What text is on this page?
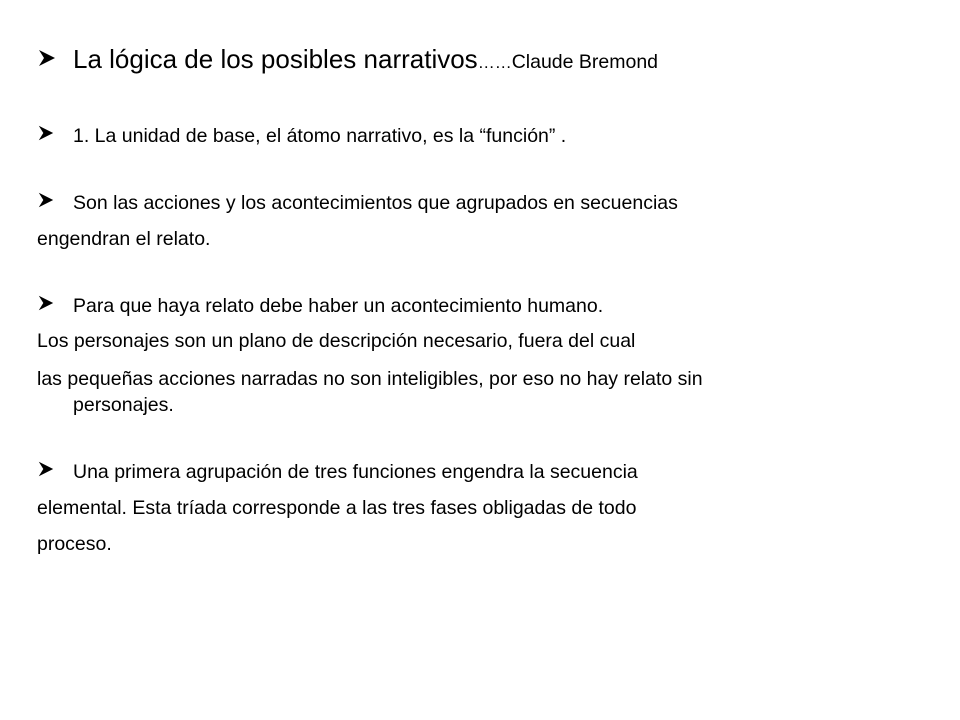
La lógica de los posibles narrativos …… Claude Bremond
1. La unidad de base, el átomo narrativo, es la “función” .
Son las acciones y los acontecimientos que agrupados en secuencias
engendran el relato.
Para que haya relato debe haber un acontecimiento humano.
Los personajes son un plano de descripción necesario, fuera del cual
las pequeñas acciones narradas no son inteligibles, por eso no hay relato sin
personajes.
Una primera agrupación de tres funciones engendra la secuencia
elemental. Esta tríada corresponde a las tres fases obligadas de todo
proceso.
